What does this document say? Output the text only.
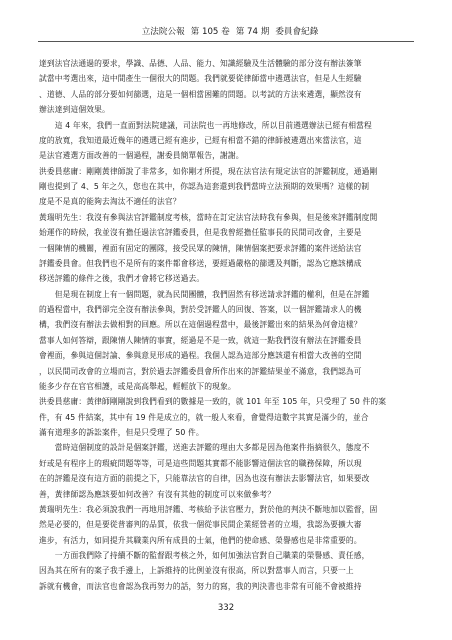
立法院公報 第 105 卷 第 74 期 委員會紀錄
達到法官法通過的要求，學識、品德、人品、能力、知識經驗及生活體驗的部分沒有辦法簽筆
試當中考選出來，這中間產生一個很大的問題。我們就要從律師當中遴選法官，但是人生經驗
、道德、人品的部分要如何篩選，這是一個相當困難的問題。以考試的方法來遴選，顯然沒有
辦法達到這個效果。
　　這 4 年來，我們一直面對法院建議，司法院也一再地修改，所以目前遴選辦法已經有相當程
度的放寬，我知道最近幾年的遴選已經有進步，已經有相當不錯的律師被遴選出來當法官，這
是法官遴選方面改善的一個過程，謝委員簡單報告，謝謝。
洪委員慈庸：剛剛黃律師說了非常多，如你剛才所提，現在法官法有規定法官的評鑑制度，通過剛
剛也提到了 4、5 年之久，您也在其中，你認為這套還到我們當時立法預期的效果嗎？這樣的制
度是不是真的能夠去淘汰不適任的法官？
黃瑞明先生：我沒有參與法官評鑑制度考核，當時在訂定法官法時我有參與，但是後來評鑑制度開
始運作的時候，我並沒有擔任過法官評鑑委員，但是我曾經擔任監事長的民間司改會，主要是
一個陳情的機關，裡面有固定的團隊，接受民眾的陳情，陳情個案把要求評鑑的案件送給法官
評鑑委員會。但我們也不是所有的案件都會移送，要經過嚴格的篩選及判斷，認為它應該構成
移送評鑑的條件之後，我們才會將它移送過去。
　　但是現在制度上有一個問題，就為民間團體，我們固然有移送請求評鑑的權利，但是在評鑑
的過程當中，我們卻完全沒有辦法參與，對於受評鑑人的回復、答案，以一個評鑑請求人的機
構，我們沒有辦法去做相對的回應。所以在這個過程當中，最後評鑑出來的結果為何會這樣？
當事人如何答辯，跟陳情人陳情的事實，經過是不是一致，就這一點我們沒有辦法在評鑑委員
會裡面，參與這個討論、參與意見形成的過程。我個人認為這部分應該還有相當大改善的空間
，以民間司改會的立場而言，對於過去評鑑委員會所作出來的評鑑結果並不滿意，我們認為可
能多少存在官官相護，或是高高舉起，輕輕放下的現象。
洪委員慈庸：黃律師剛剛說到我們看到的數據是一致的，就 101 年至 105 年，只受理了 50 件的案
件，有 45 件結案，其中有 19 件是成立的，就一般人來看，會覺得這數字其實是滿少的，並合
滿有道理多的訴訟案件，但是只受理了 50 件。
　　當時這個制度的設計是個案評鑑，送進去評鑑的理由大多都是因為他案件指摘很久，態度不
好或是有程序上的瑕疵問題等等，可是這些問題其實都不能影響這個法官的職務保障，所以現
在的評鑑是沒有這方面的前提之下，只能靠法官的自律，因為也沒有辦法去影響法官，如果要改
善，黃律師認為應該要如何改善？有沒有其他的制度可以來做參考？
黃瑞明先生：我必須說我們一再地用評鑑、考核給予法官壓力，對於他的判決不斷地加以監督，固
然是必要的，但是要從普審判的品質，依我一個從事民間企業經營者的立場，我認為要擴大審
進步，有活力，如同提升其職業內所有成員的士氣，他們的使命感、榮譽感也是非常重要的。
　　一方面我們除了持續不斷的監督跟考核之外，如何加強法官對自己職業的榮譽感、責任感，
因為其在所有的案子我手邊上，上訴維持的比例並沒有很高，所以對當事人而言，只要一上
訴就有機會，而法官也會認為我再努力的話，努力的寫，我的判決書也非常有可能不會被維持
332
